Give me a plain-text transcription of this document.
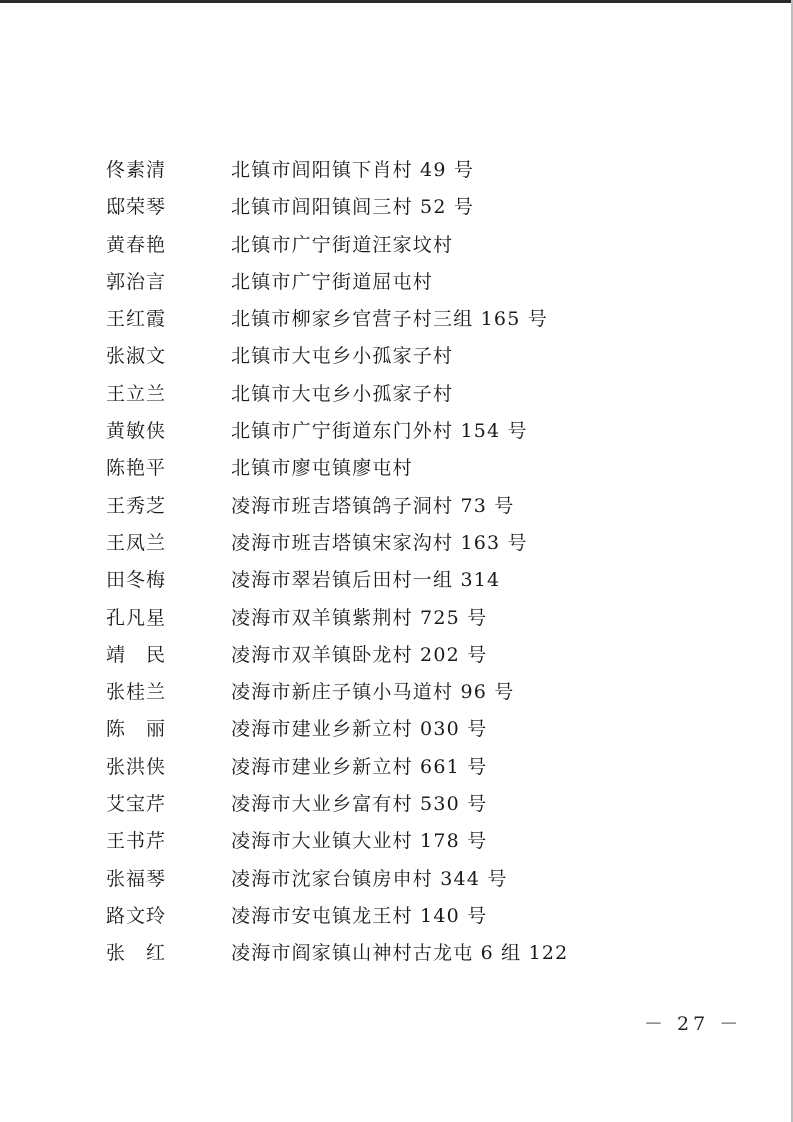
佟素清	北镇市闾阳镇下肖村 49 号
邸荣琴	北镇市闾阳镇闾三村 52 号
黄春艳	北镇市广宁街道汪家坟村
郭治言	北镇市广宁街道屈屯村
王红霞	北镇市柳家乡官营子村三组 165 号
张淑文	北镇市大屯乡小孤家子村
王立兰	北镇市大屯乡小孤家子村
黄敏侠	北镇市广宁街道东门外村 154 号
陈艳平	北镇市廖屯镇廖屯村
王秀芝	凌海市班吉塔镇鸽子洞村 73 号
王凤兰	凌海市班吉塔镇宋家沟村 163 号
田冬梅	凌海市翠岩镇后田村一组 314
孔凡星	凌海市双羊镇紫荆村 725 号
靖　民	凌海市双羊镇卧龙村 202 号
张桂兰	凌海市新庄子镇小马道村 96 号
陈　丽	凌海市建业乡新立村 030 号
张洪侠	凌海市建业乡新立村 661 号
艾宝芹	凌海市大业乡富有村 530 号
王书芹	凌海市大业镇大业村 178 号
张福琴	凌海市沈家台镇房申村 344 号
路文玲	凌海市安屯镇龙王村 140 号
张　红	凌海市阎家镇山神村古龙屯 6 组 122
－ 27 －
